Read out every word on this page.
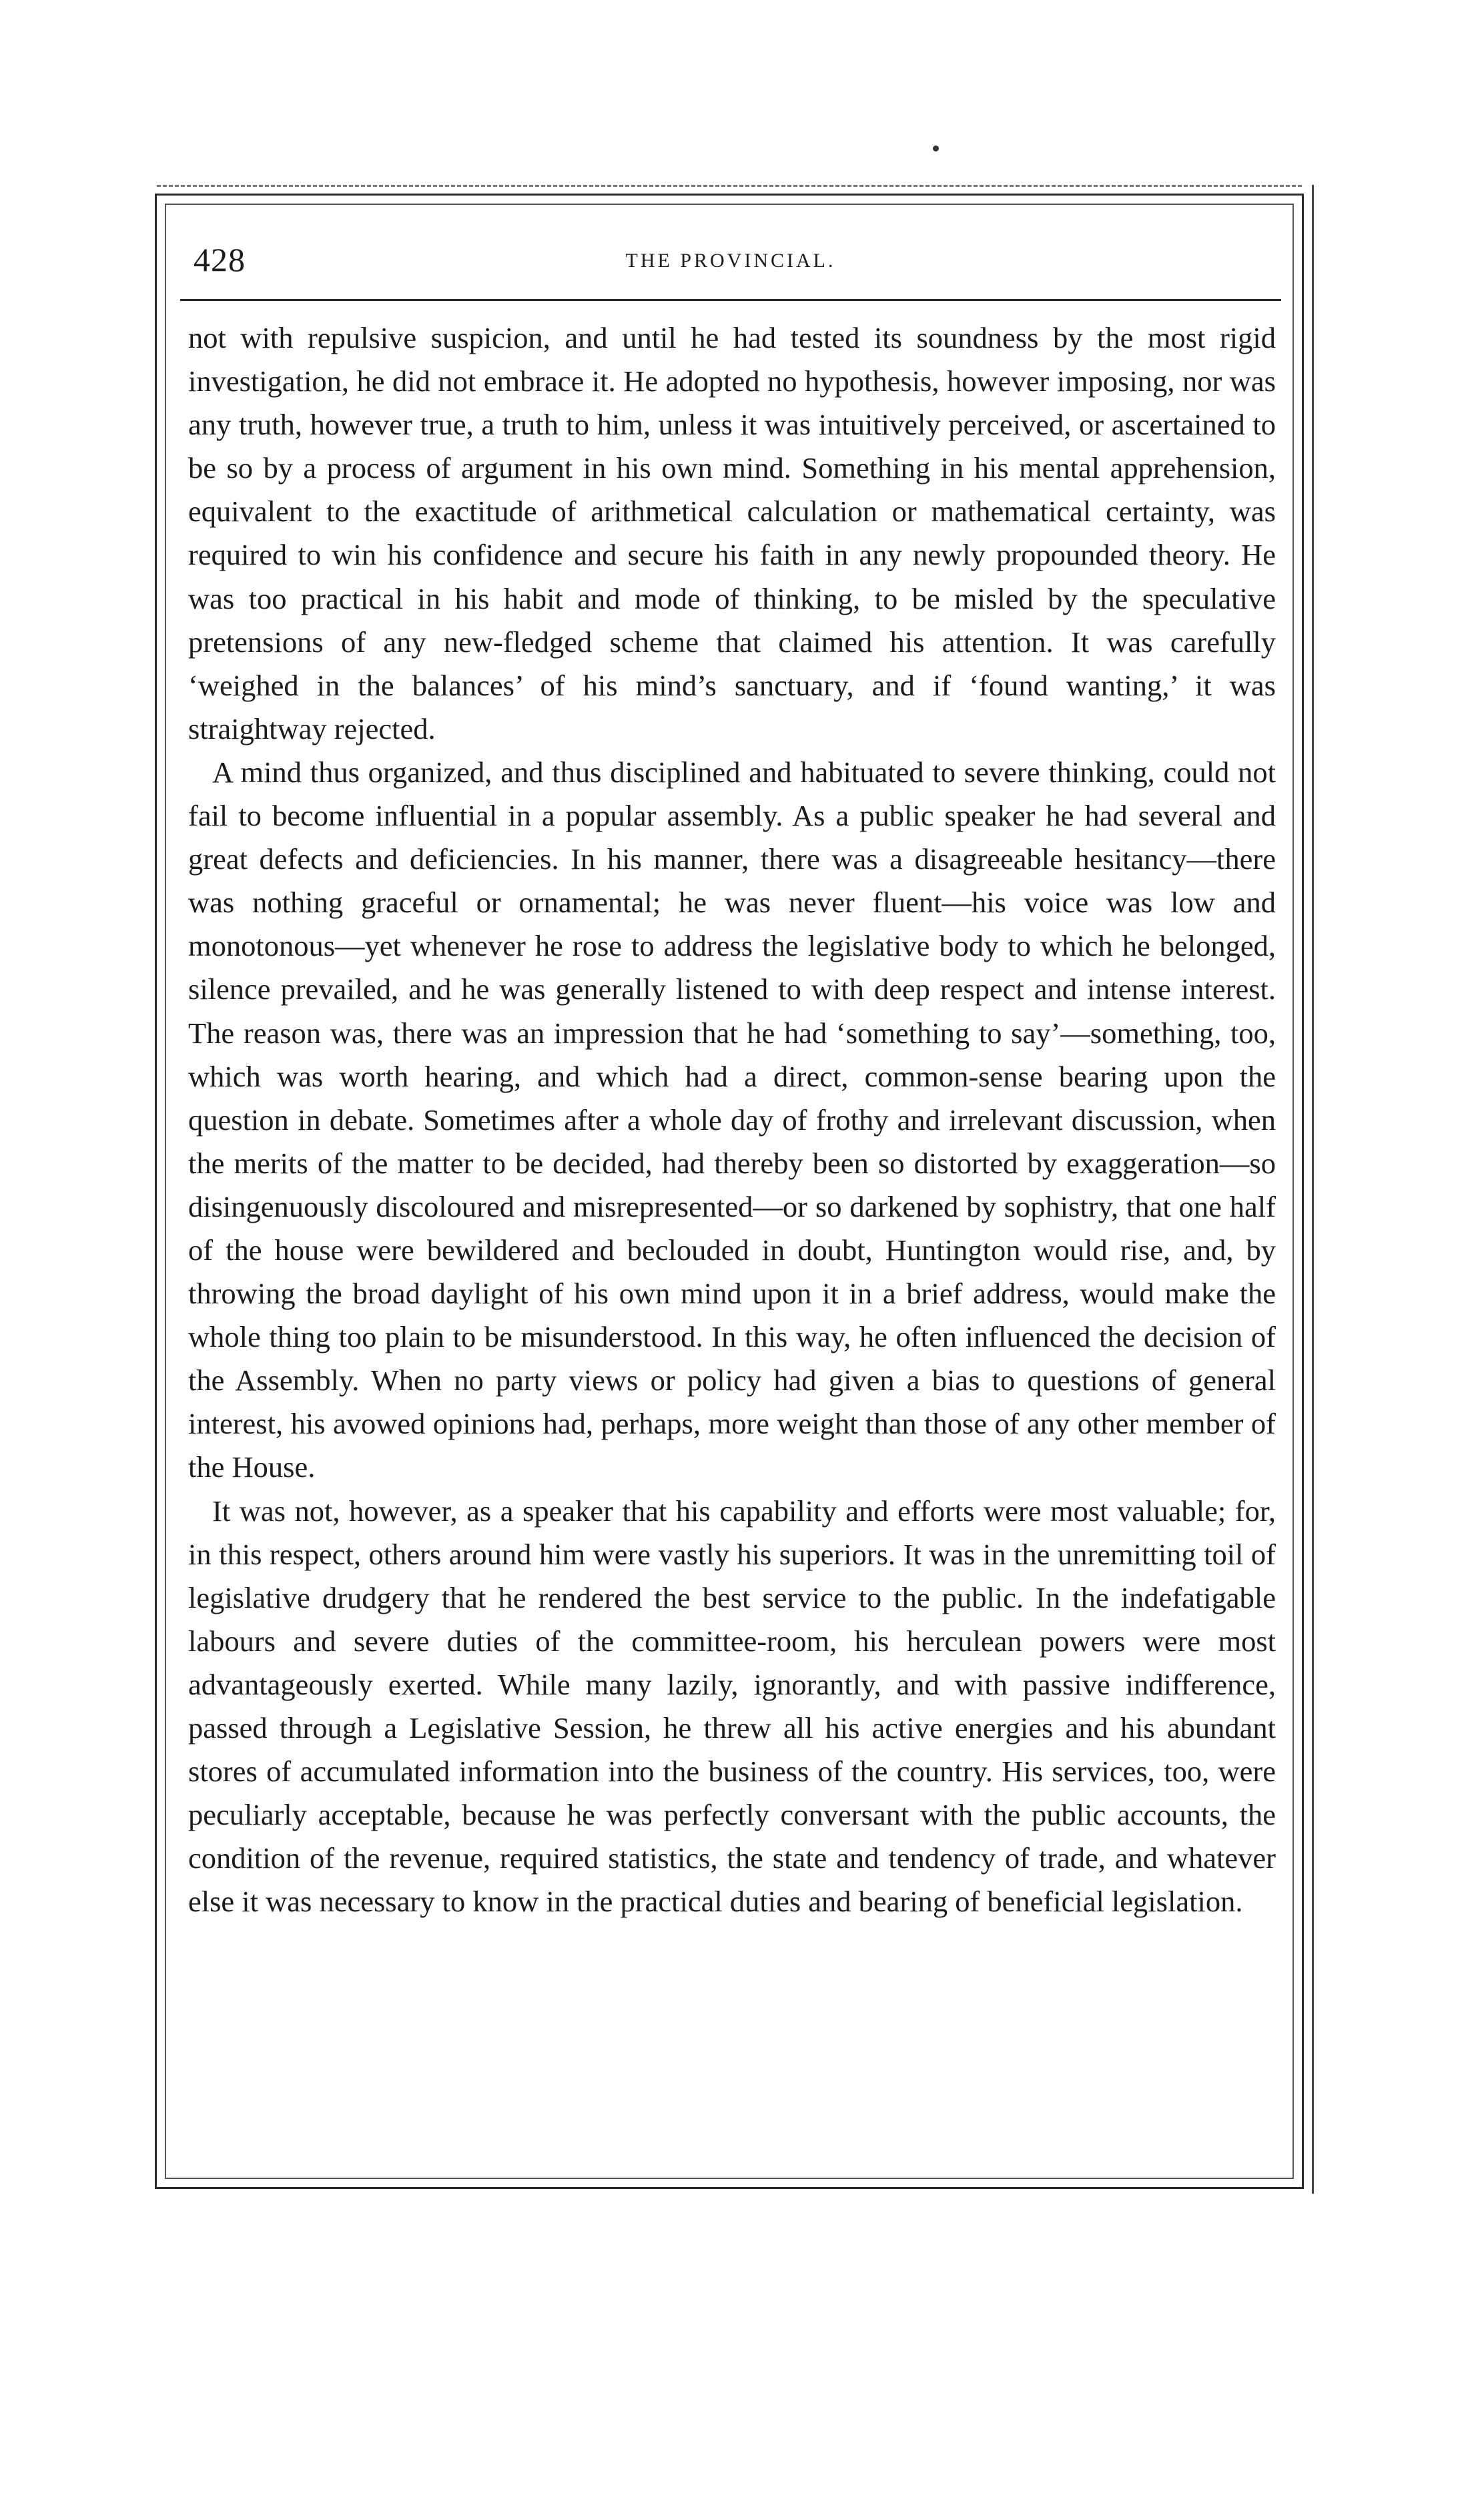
428	THE PROVINCIAL.

not with repulsive suspicion, and until he had tested its soundness by the most rigid investigation, he did not embrace it. He adopted no hypothesis, however imposing, nor was any truth, however true, a truth to him, unless it was intuitively perceived, or ascertained to be so by a process of argument in his own mind. Something in his mental apprehension, equivalent to the exactitude of arithmetical calculation or mathematical certainty, was required to win his confidence and secure his faith in any newly propounded theory. He was too practical in his habit and mode of thinking, to be misled by the speculative pretensions of any new-fledged scheme that claimed his attention. It was carefully ‘weighed in the balances’ of his mind’s sanctuary, and if ‘found wanting,’ it was straightway rejected.

A mind thus organized, and thus disciplined and habituated to severe thinking, could not fail to become influential in a popular assembly. As a public speaker he had several and great defects and deficiencies. In his manner, there was a disagreeable hesitancy—there was nothing graceful or ornamental; he was never fluent—his voice was low and monotonous—yet whenever he rose to address the legislative body to which he belonged, silence prevailed, and he was generally listened to with deep respect and intense interest. The reason was, there was an impression that he had ‘something to say’—something, too, which was worth hearing, and which had a direct, common-sense bearing upon the question in debate. Sometimes after a whole day of frothy and irrelevant discussion, when the merits of the matter to be decided, had thereby been so distorted by exaggeration—so disingenuously discoloured and misrepresented—or so darkened by sophistry, that one half of the house were bewildered and beclouded in doubt, Huntington would rise, and, by throwing the broad daylight of his own mind upon it in a brief address, would make the whole thing too plain to be misunderstood. In this way, he often influenced the decision of the Assembly. When no party views or policy had given a bias to questions of general interest, his avowed opinions had, perhaps, more weight than those of any other member of the House.

It was not, however, as a speaker that his capability and efforts were most valuable; for, in this respect, others around him were vastly his superiors. It was in the unremitting toil of legislative drudgery that he rendered the best service to the public. In the indefatigable labours and severe duties of the committee-room, his herculean powers were most advantageously exerted. While many lazily, ignorantly, and with passive indifference, passed through a Legislative Session, he threw all his active energies and his abundant stores of accumulated information into the business of the country. His services, too, were peculiarly acceptable, because he was perfectly conversant with the public accounts, the condition of the revenue, required statistics, the state and tendency of trade, and whatever else it was necessary to know in the practical duties and bearing of beneficial legislation.
